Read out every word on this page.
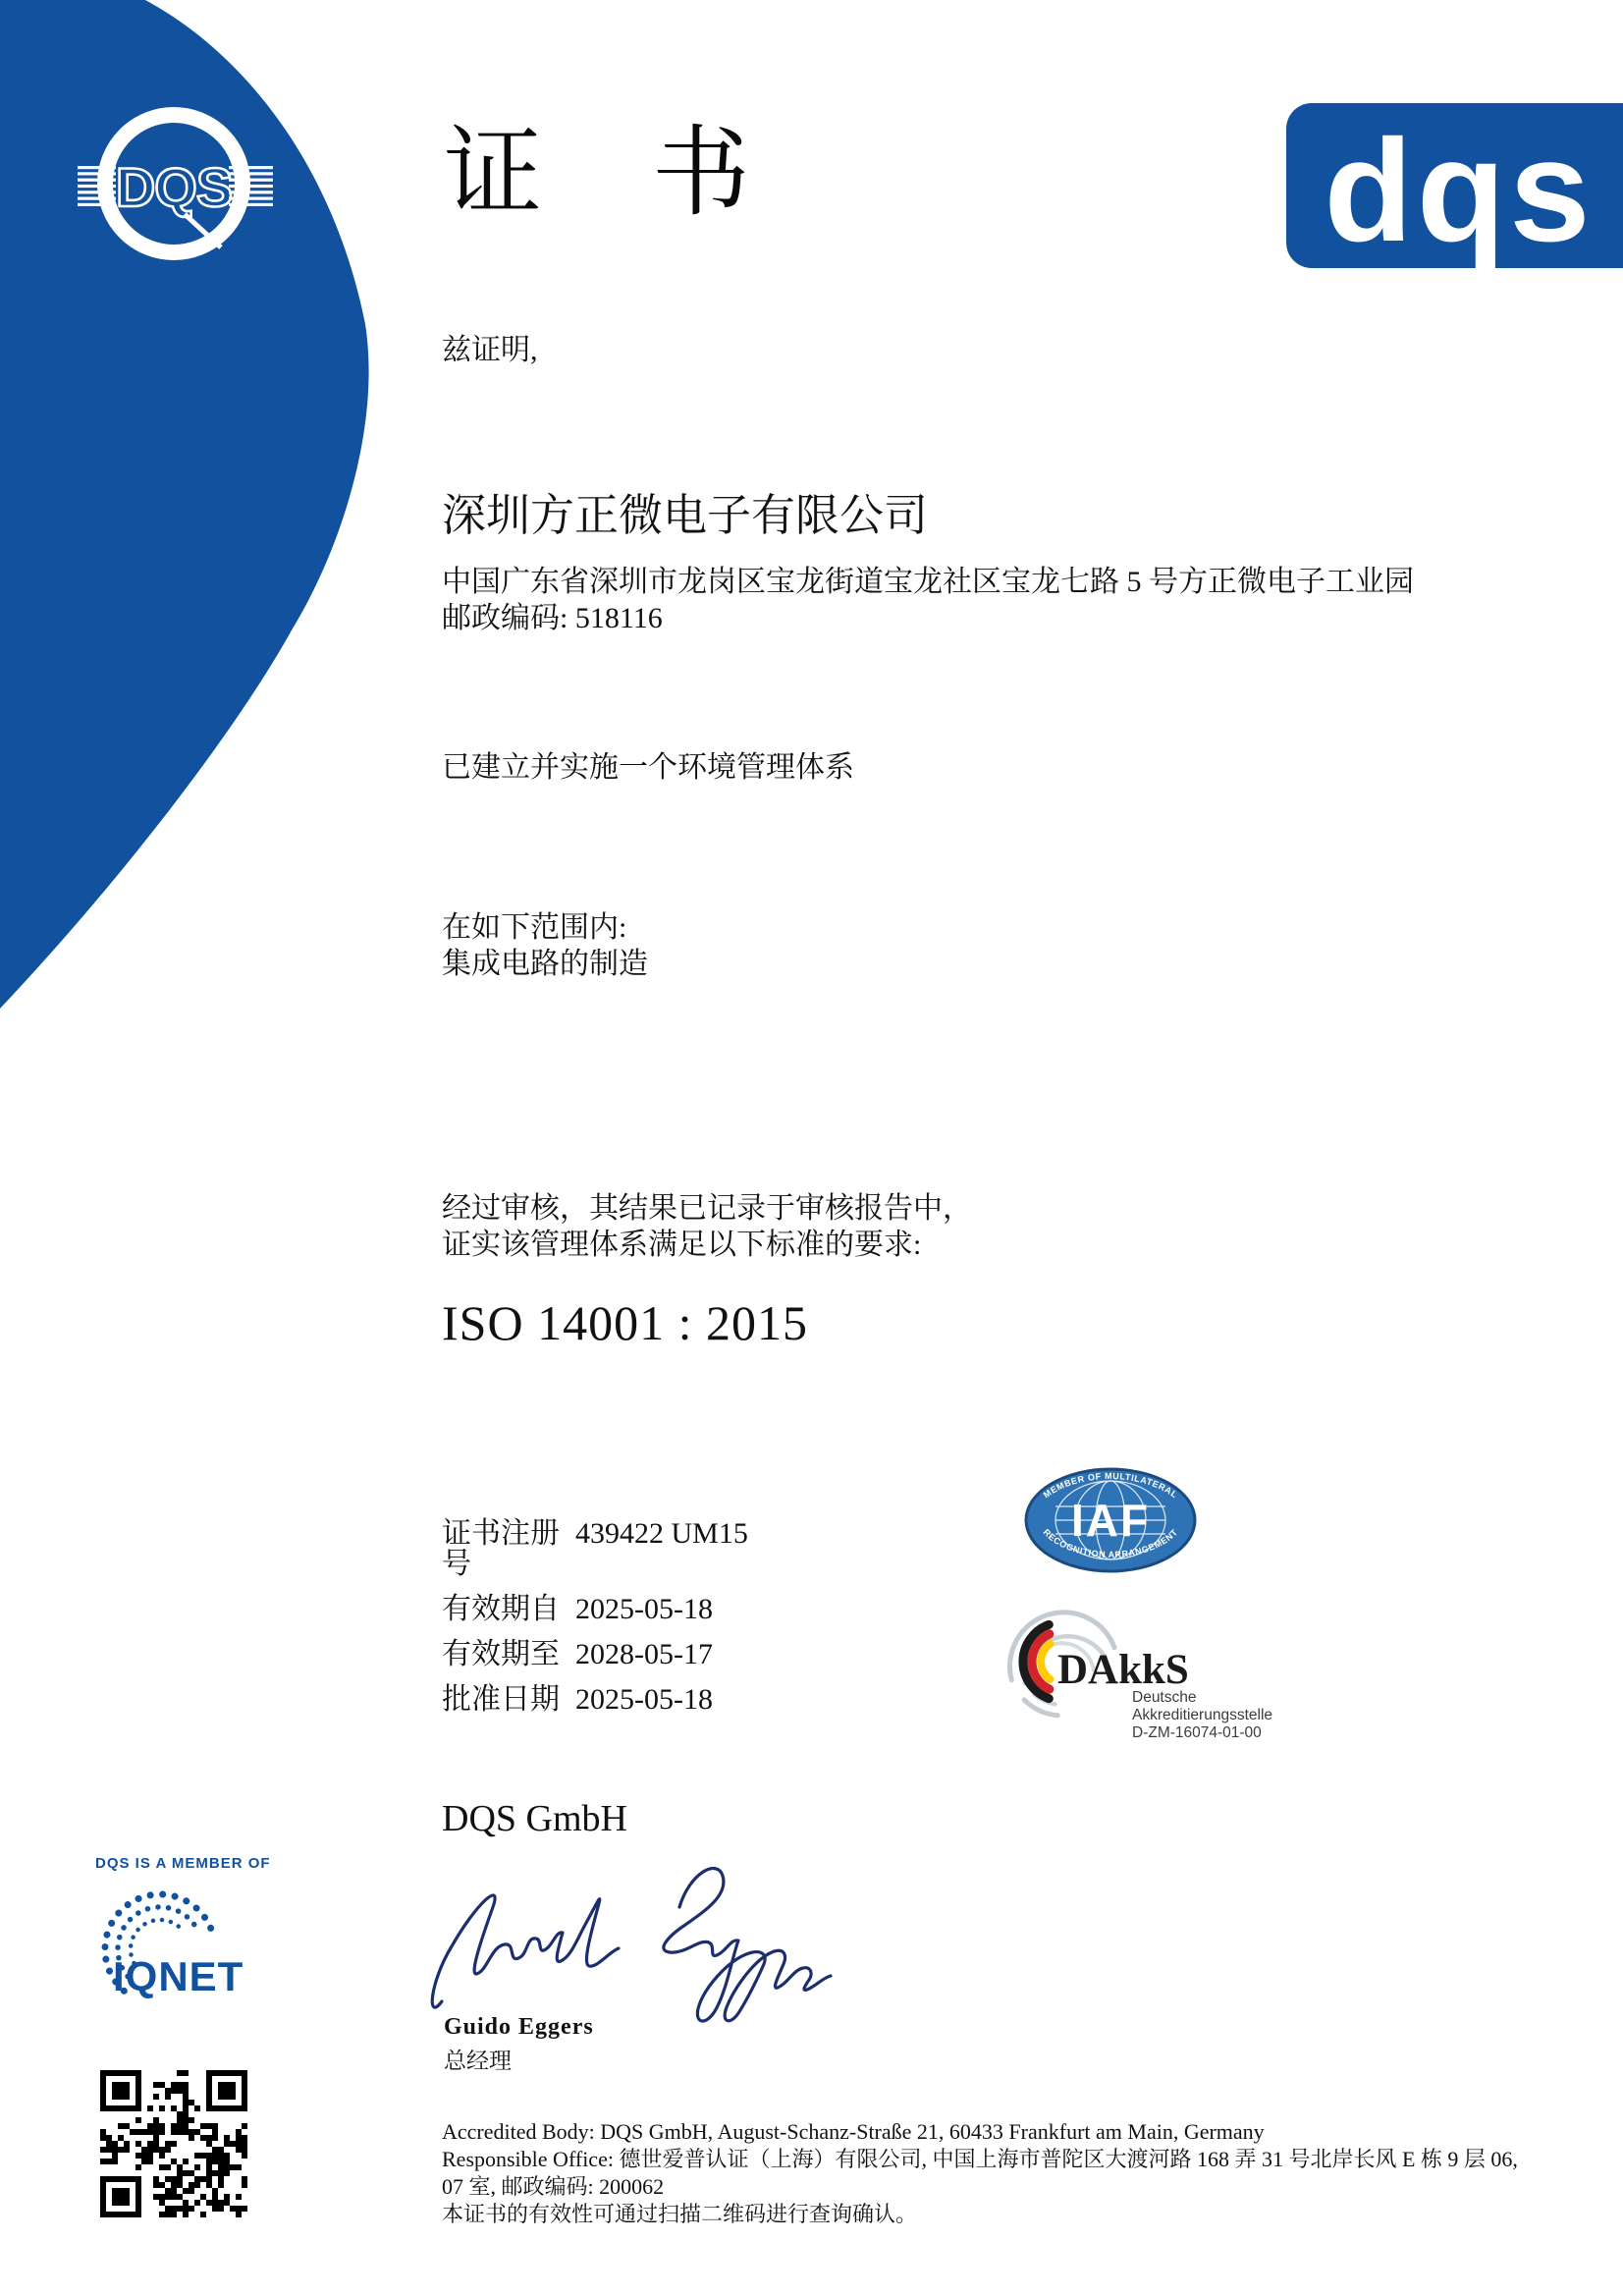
DQS 证 书	dqs
兹证明,
深圳方正微电子有限公司
中国广东省深圳市龙岗区宝龙街道宝龙社区宝龙七路 5 号方正微电子工业园
邮政编码: 518116
已建立并实施一个环境管理体系
在如下范围内:
集成电路的制造
经过审核，其结果已记录于审核报告中，
证实该管理体系满足以下标准的要求:
ISO 14001 : 2015
证书注册号
439422 UM15
有效期自 2025-05-18
有效期至 2028-05-17
批准日期 2025-05-18
MEMBER OF MULTILATERAL
RECOGNITION ARRANGEMENT
IAF
DAkkS
Deutsche
Akkreditierungsstelle
D-ZM-16074-01-00
DQS GmbH
Guido Eggers
总经理
DQS IS A MEMBER OF
IQNET
Accredited Body: DQS GmbH, August-Schanz-Straße 21, 60433 Frankfurt am Main, Germany
Responsible Office: 德世爱普认证（上海）有限公司, 中国上海市普陀区大渡河路 168 弄 31 号北岸长风 E 栋 9 层 06,
07 室, 邮政编码: 200062
本证书的有效性可通过扫描二维码进行查询确认。
